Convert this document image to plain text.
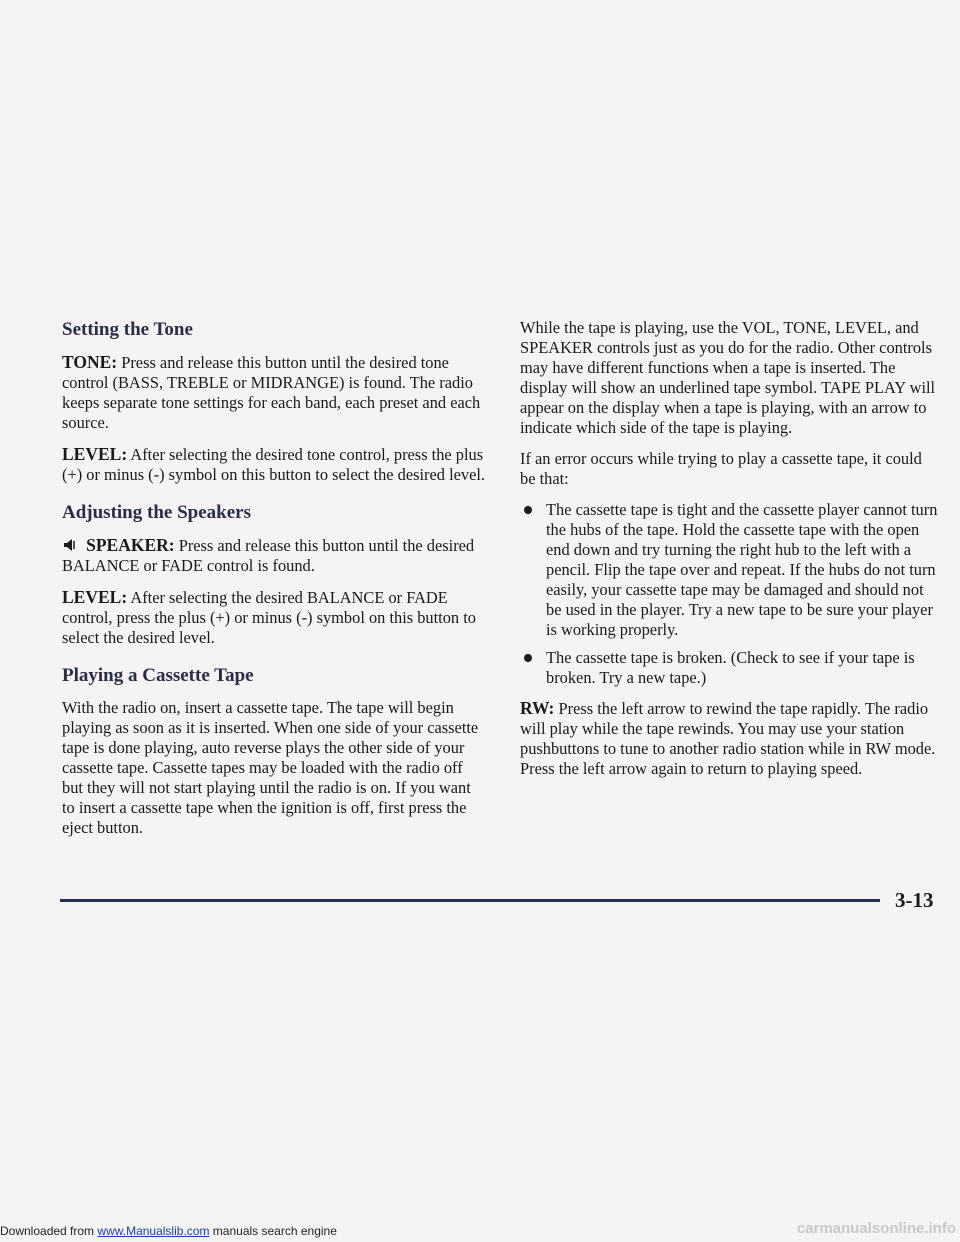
Setting the Tone

TONE: Press and release this button until the desired tone control (BASS, TREBLE or MIDRANGE) is found. The radio keeps separate tone settings for each band, each preset and each source.

LEVEL: After selecting the desired tone control, press the plus (+) or minus (-) symbol on this button to select the desired level.

Adjusting the Speakers

SPEAKER: Press and release this button until the desired BALANCE or FADE control is found.

LEVEL: After selecting the desired BALANCE or FADE control, press the plus (+) or minus (-) symbol on this button to select the desired level.

Playing a Cassette Tape

With the radio on, insert a cassette tape. The tape will begin playing as soon as it is inserted. When one side of your cassette tape is done playing, auto reverse plays the other side of your cassette tape. Cassette tapes may be loaded with the radio off but they will not start playing until the radio is on. If you want to insert a cassette tape when the ignition is off, first press the eject button.

While the tape is playing, use the VOL, TONE, LEVEL, and SPEAKER controls just as you do for the radio. Other controls may have different functions when a tape is inserted. The display will show an underlined tape symbol. TAPE PLAY will appear on the display when a tape is playing, with an arrow to indicate which side of the tape is playing.

If an error occurs while trying to play a cassette tape, it could be that:

The cassette tape is tight and the cassette player cannot turn the hubs of the tape. Hold the cassette tape with the open end down and try turning the right hub to the left with a pencil. Flip the tape over and repeat. If the hubs do not turn easily, your cassette tape may be damaged and should not be used in the player. Try a new tape to be sure your player is working properly.
The cassette tape is broken. (Check to see if your tape is broken. Try a new tape.)

RW: Press the left arrow to rewind the tape rapidly. The radio will play while the tape rewinds. You may use your station pushbuttons to tune to another radio station while in RW mode. Press the left arrow again to return to playing speed.

3-13
Downloaded from www.Manualslib.com manuals search engine	carmanualsonline.info
